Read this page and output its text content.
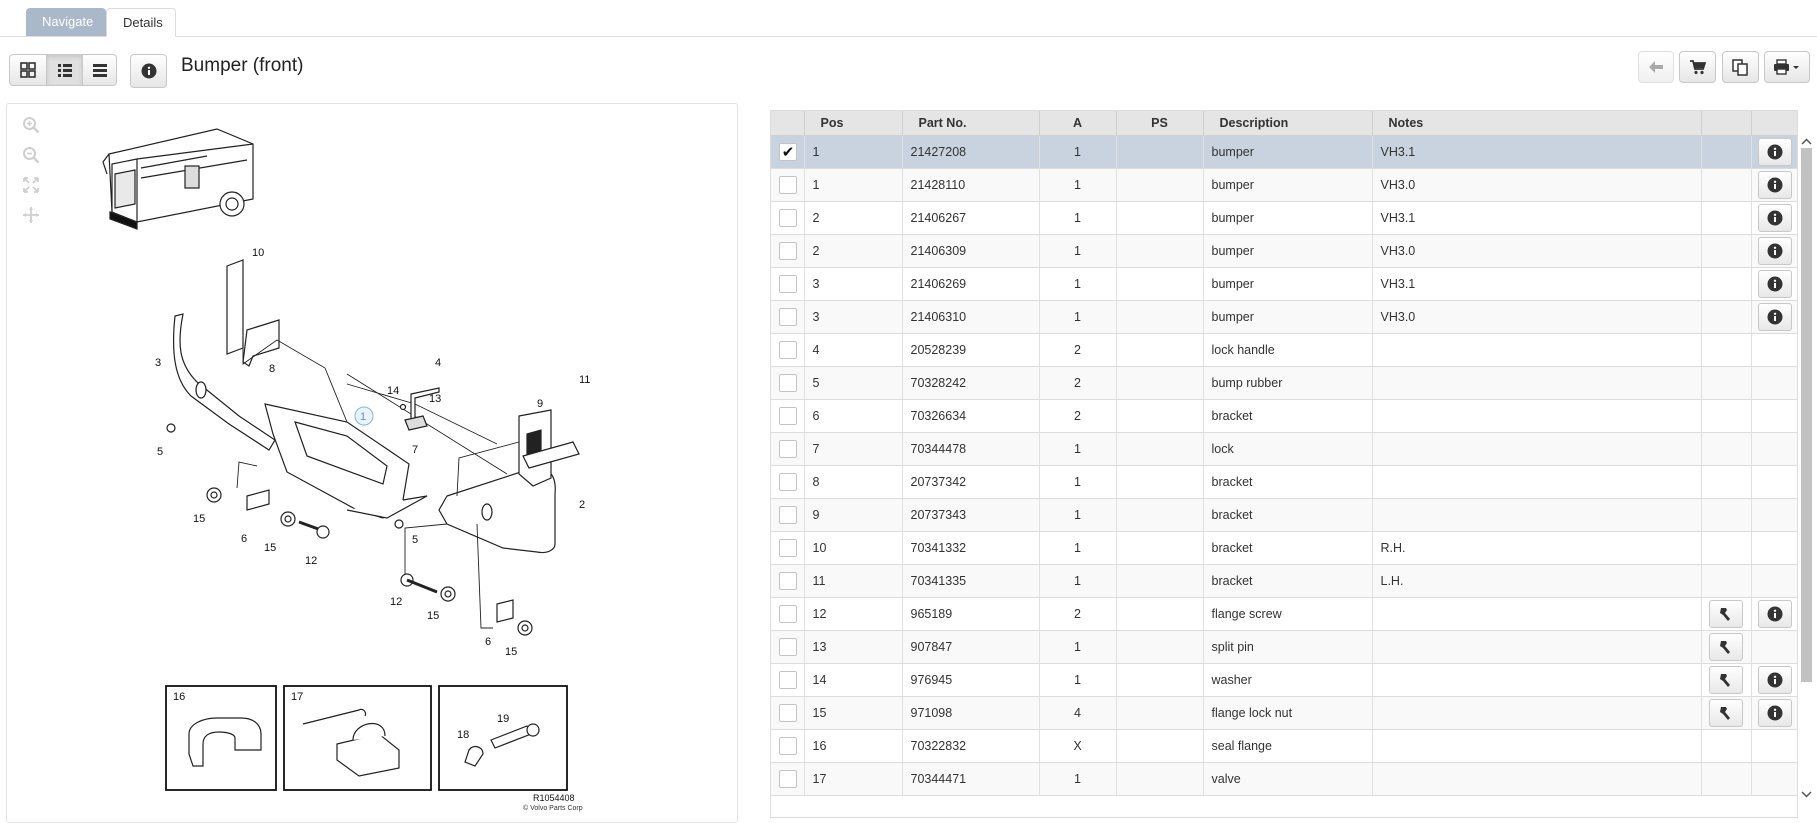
Navigate	Details
Bumper (front)
10
3	8	4
14
13
11
9
1
7
5
2
15
6
15
12
5
12
15
6
15
16	17
18
19
R1054408
© Volvo Parts Corp
	Pos	Part No.	A	PS	Description	Notes		

✔	1	21427208	1		bumper	VH3.1		

	1	21428110	1		bumper	VH3.0		

	2	21406267	1		bumper	VH3.1		

	2	21406309	1		bumper	VH3.0		

	3	21406269	1		bumper	VH3.1		

	3	21406310	1		bumper	VH3.0		

	4	20528239	2		lock handle			

	5	70328242	2		bump rubber			

	6	70326634	2		bracket			

	7	70344478	1		lock			

	8	20737342	1		bracket			

	9	20737343	1		bracket			

	10	70341332	1		bracket	R.H.		

	11	70341335	1		bracket	L.H.		

	12	965189	2		flange screw		

	13	907847	1		split pin		

	14	976945	1		washer		

	15	971098	4		flange lock nut		

	16	70322832	X		seal flange			

	17	70344471	1		valve			
